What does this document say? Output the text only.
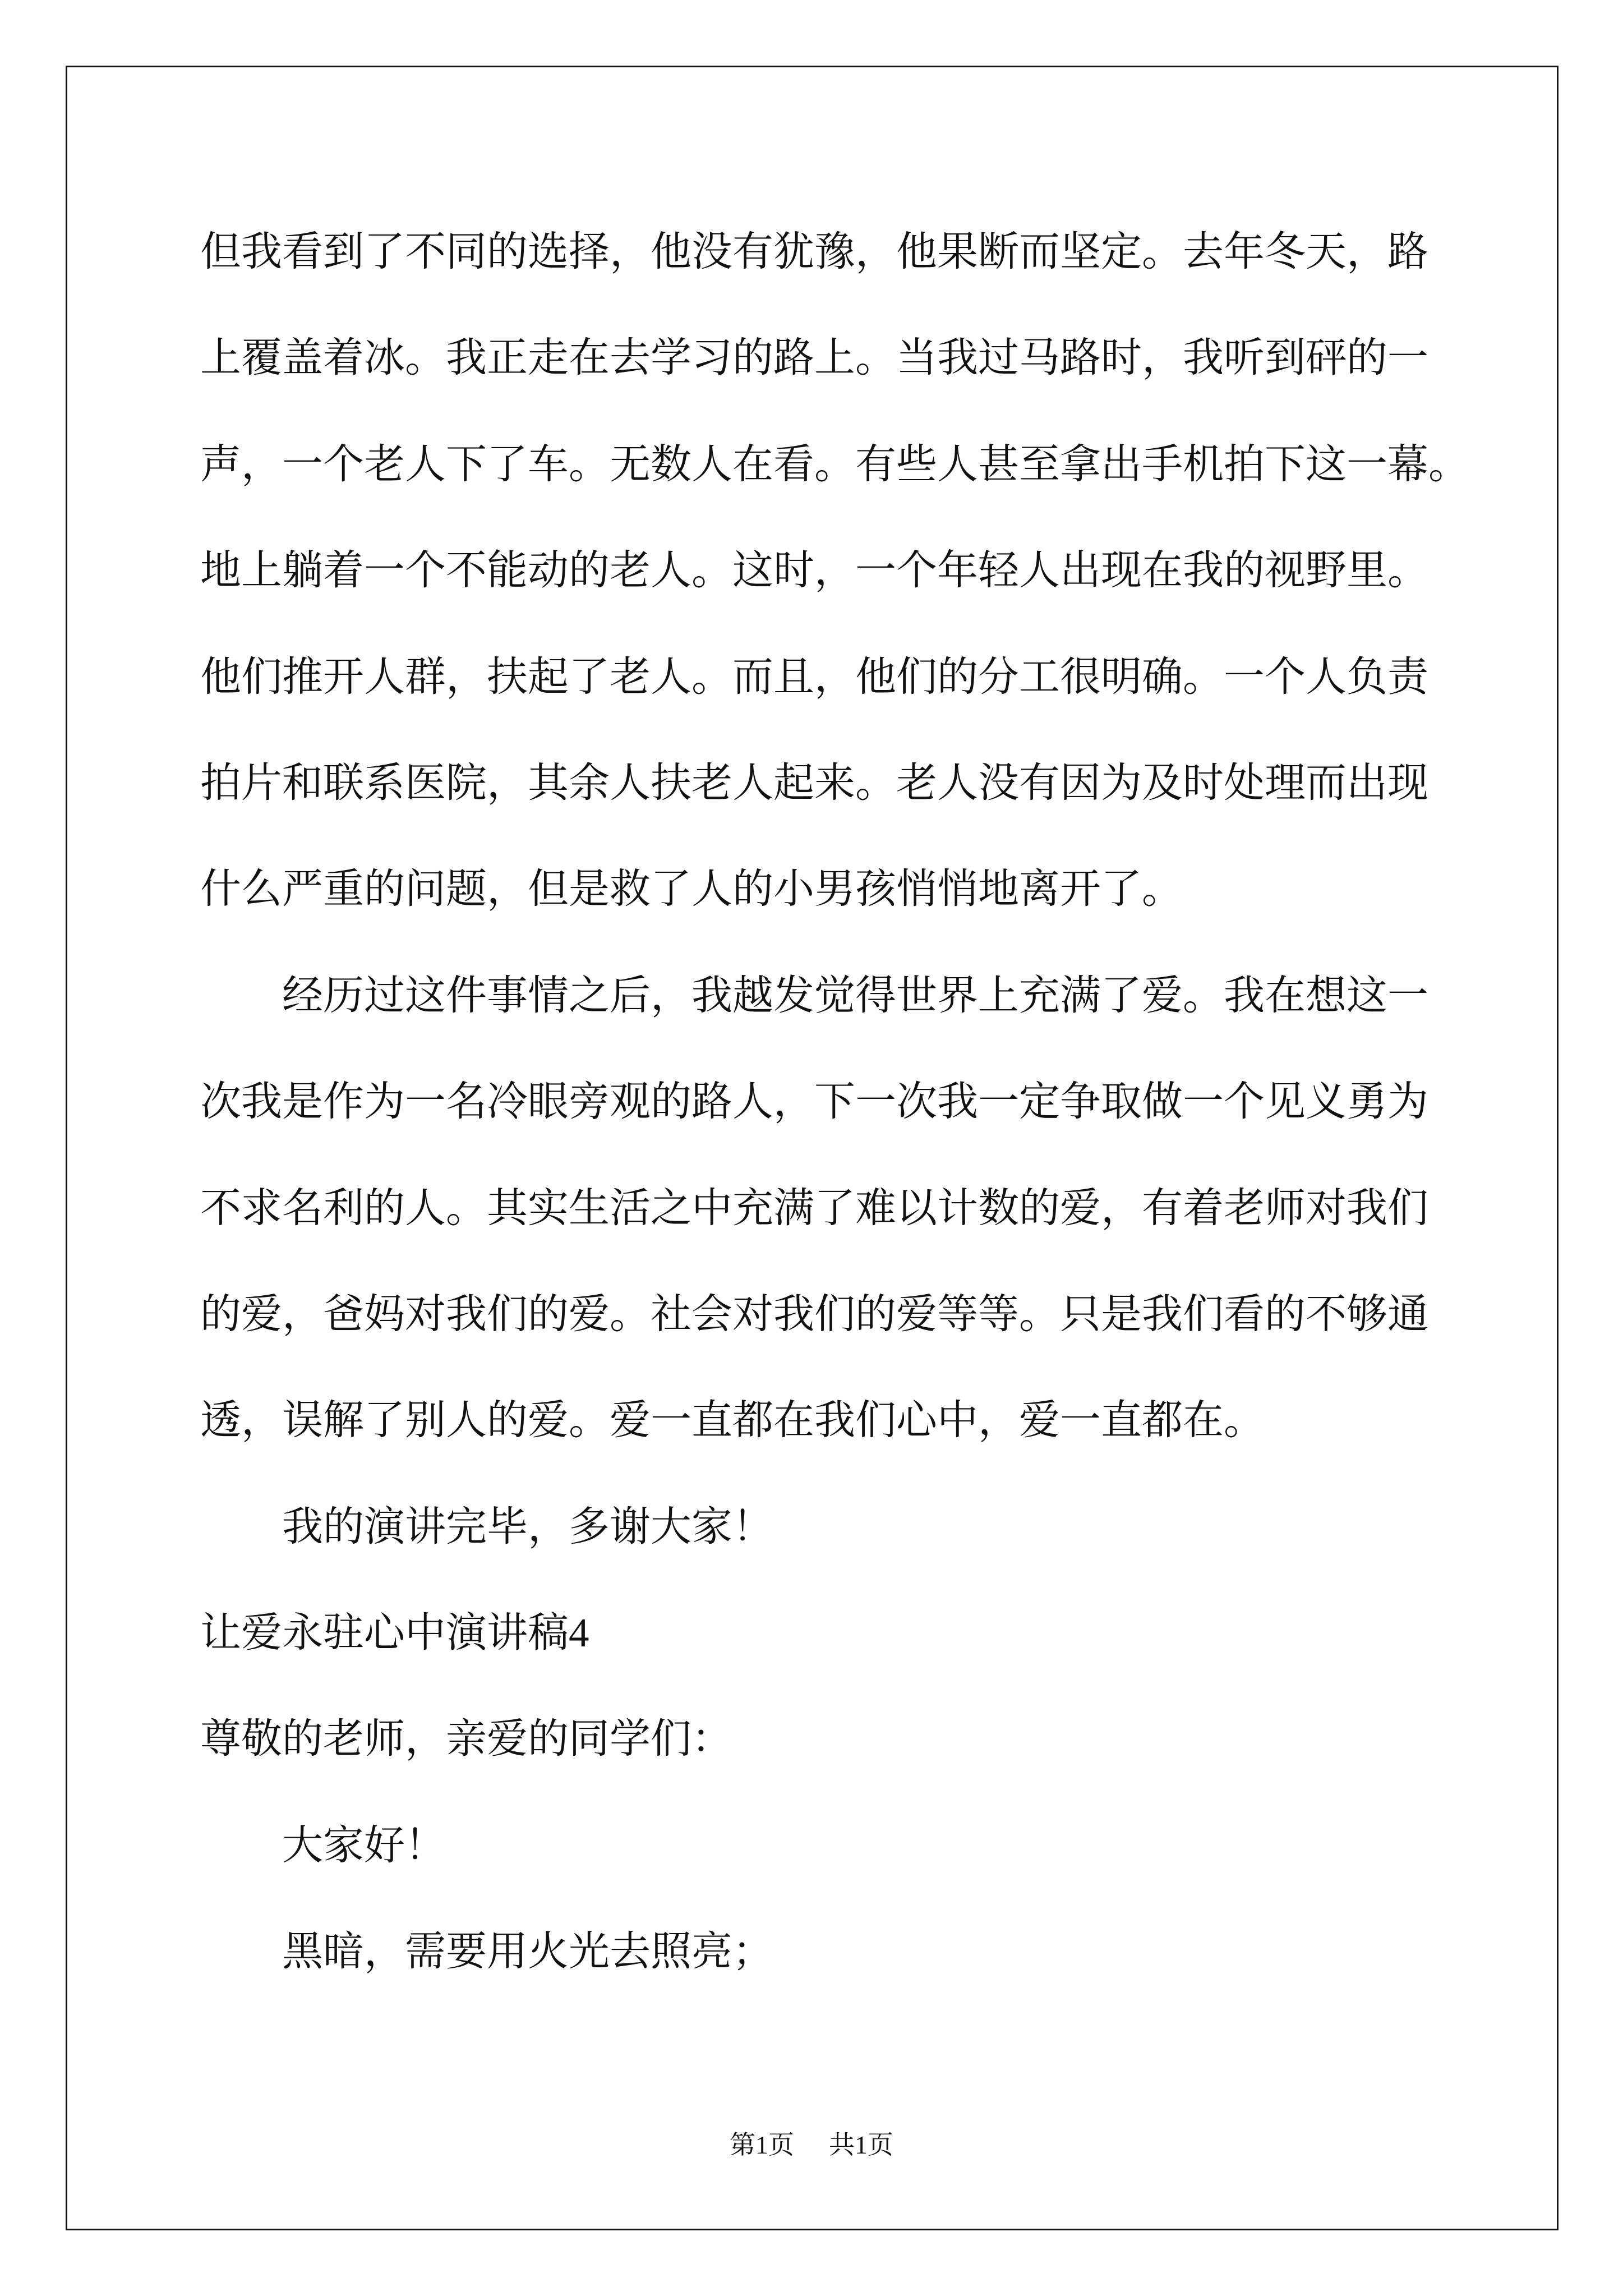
但我看到了不同的选择，他没有犹豫，他果断而坚定。去年冬天，路
上覆盖着冰。我正走在去学习的路上。当我过马路时，我听到砰的一
声，一个老人下了车。无数人在看。有些人甚至拿出手机拍下这一幕。
地上躺着一个不能动的老人。这时，一个年轻人出现在我的视野里。
他们推开人群，扶起了老人。而且，他们的分工很明确。一个人负责
拍片和联系医院，其余人扶老人起来。老人没有因为及时处理而出现
什么严重的问题，但是救了人的小男孩悄悄地离开了。
经历过这件事情之后，我越发觉得世界上充满了爱。我在想这一
次我是作为一名冷眼旁观的路人，下一次我一定争取做一个见义勇为
不求名利的人。其实生活之中充满了难以计数的爱，有着老师对我们
的爱，爸妈对我们的爱。社会对我们的爱等等。只是我们看的不够通
透，误解了别人的爱。爱一直都在我们心中，爱一直都在。
我的演讲完毕，多谢大家！
让爱永驻心中演讲稿4
尊敬的老师，亲爱的同学们：
大家好！
黑暗，需要用火光去照亮；
第1页 共1页
